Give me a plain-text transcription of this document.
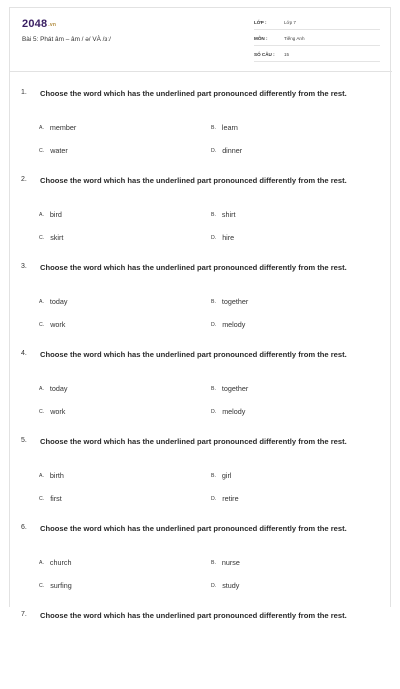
2048.vn
Bài 5: Phát âm – âm / ə/ VÀ /ɜː/
LỚP :	Lớp 7
MÔN :	Tiếng Anh
SỐ CÂU : 15
1. Choose the word which has the underlined part pronounced differently from the rest.
A. member	B. learn
C. water	D. dinner
2. Choose the word which has the underlined part pronounced differently from the rest.
A. bird	B. shirt
C. skirt	D. hire
3. Choose the word which has the underlined part pronounced differently from the rest.
A. today	B. together
C. work	D. melody
4. Choose the word which has the underlined part pronounced differently from the rest.
A. today	B. together
C. work	D. melody
5. Choose the word which has the underlined part pronounced differently from the rest.
A. birth	B. girl
C. first	D. retire
6. Choose the word which has the underlined part pronounced differently from the rest.
A. church	B. nurse
C. surfing	D. study
7. Choose the word which has the underlined part pronounced differently from the rest.
